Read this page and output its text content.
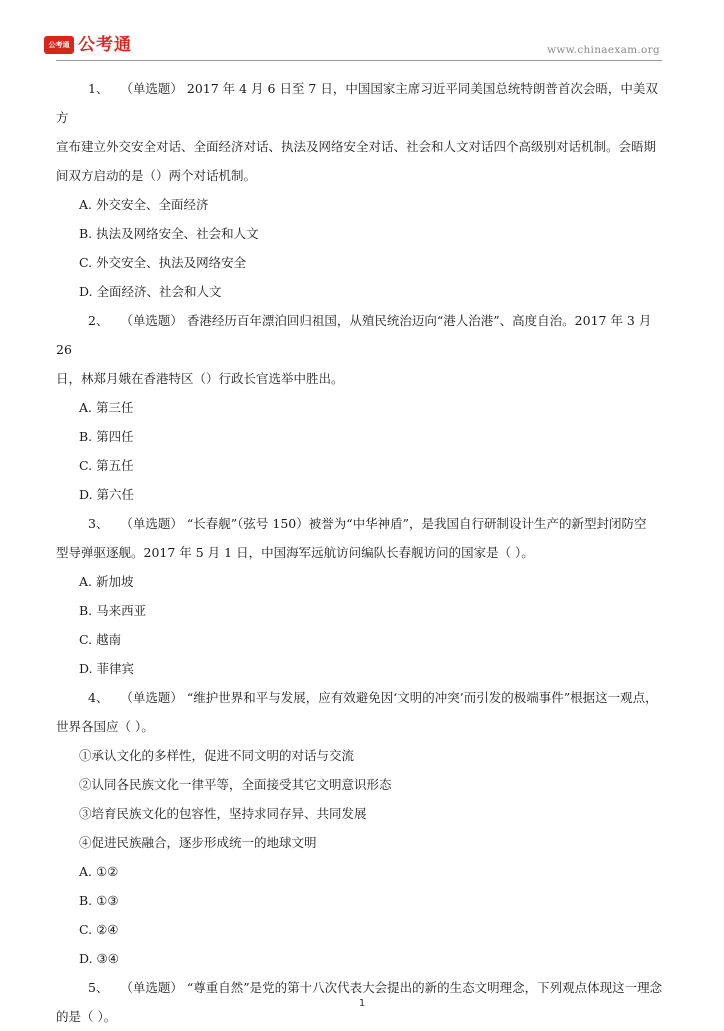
公考通 公考通	www.chinaexam.org
1、 （单选题） 2017 年 4 月 6 日至 7 日，中国国家主席习近平同美国总统特朗普首次会晤，中美双方
宣布建立外交安全对话、全面经济对话、执法及网络安全对话、社会和人文对话四个高级别对话机制。会晤期间双方启动的是（）两个对话机制。
A. 外交安全、全面经济
B. 执法及网络安全、社会和人文
C. 外交安全、执法及网络安全
D. 全面经济、社会和人文
2、 （单选题） 香港经历百年漂泊回归祖国，从殖民统治迈向“港人治港”、高度自治。2017 年 3 月 26
日，林郑月娥在香港特区（）行政长官选举中胜出。
A. 第三任
B. 第四任
C. 第五任
D. 第六任
3、 （单选题） “长春舰”（弦号 150）被誉为“中华神盾”，是我国自行研制设计生产的新型封闭防空
型导弹驱逐舰。2017 年 5 月 1 日，中国海军远航访问编队长春舰访问的国家是（ ）。
A. 新加坡
B. 马来西亚
C. 越南
D. 菲律宾
4、 （单选题） “维护世界和平与发展，应有效避免因‘文明的冲突’而引发的极端事件”根据这一观点，
世界各国应（ ）。
①承认文化的多样性，促进不同文明的对话与交流
②认同各民族文化一律平等，全面接受其它文明意识形态
③培育民族文化的包容性，坚持求同存异、共同发展
④促进民族融合，逐步形成统一的地球文明
A. ①②
B. ①③
C. ②④
D. ③④
5、 （单选题） “尊重自然”是党的第十八次代表大会提出的新的生态文明理念，下列观点体现这一理念
的是（ ）。
1
